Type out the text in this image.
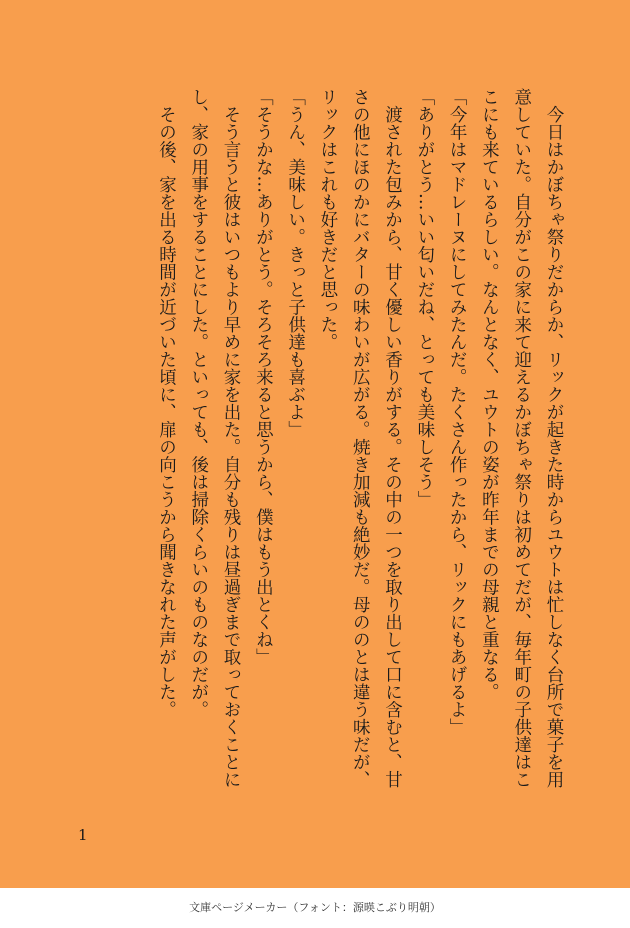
　今日はかぼちゃ祭りだからか、リックが起きた時からユウトは忙しなく台所で菓子を用意していた。自分がこの家に来て迎えるかぼちゃ祭りは初めてだが、毎年町の子供達はここにも来ているらしい。なんとなく、ユウトの姿が昨年までの母親と重なる。

「今年はマドレーヌにしてみたんだ。たくさん作ったから、リックにもあげるよ」

「ありがとう…いい匂いだね、とっても美味しそう」

　渡された包みから、甘く優しい香りがする。その中の一つを取り出して口に含むと、甘さの他にほのかにバターの味わいが広がる。焼き加減も絶妙だ。母ののとは違う味だが、リックはこれも好きだと思った。

「うん、美味しい。きっと子供達も喜ぶよ」

「そうかな…ありがとう。そろそろ来ると思うから、僕はもう出とくね」

　そう言うと彼はいつもより早めに家を出た。自分も残りは昼過ぎまで取っておくことにし、家の用事をすることにした。といっても、後は掃除くらいのものなのだが。

　その後、家を出る時間が近づいた頃に、扉の向こうから聞きなれた声がした。

1
文庫ページメーカー（フォント：源暎こぶり明朝）
